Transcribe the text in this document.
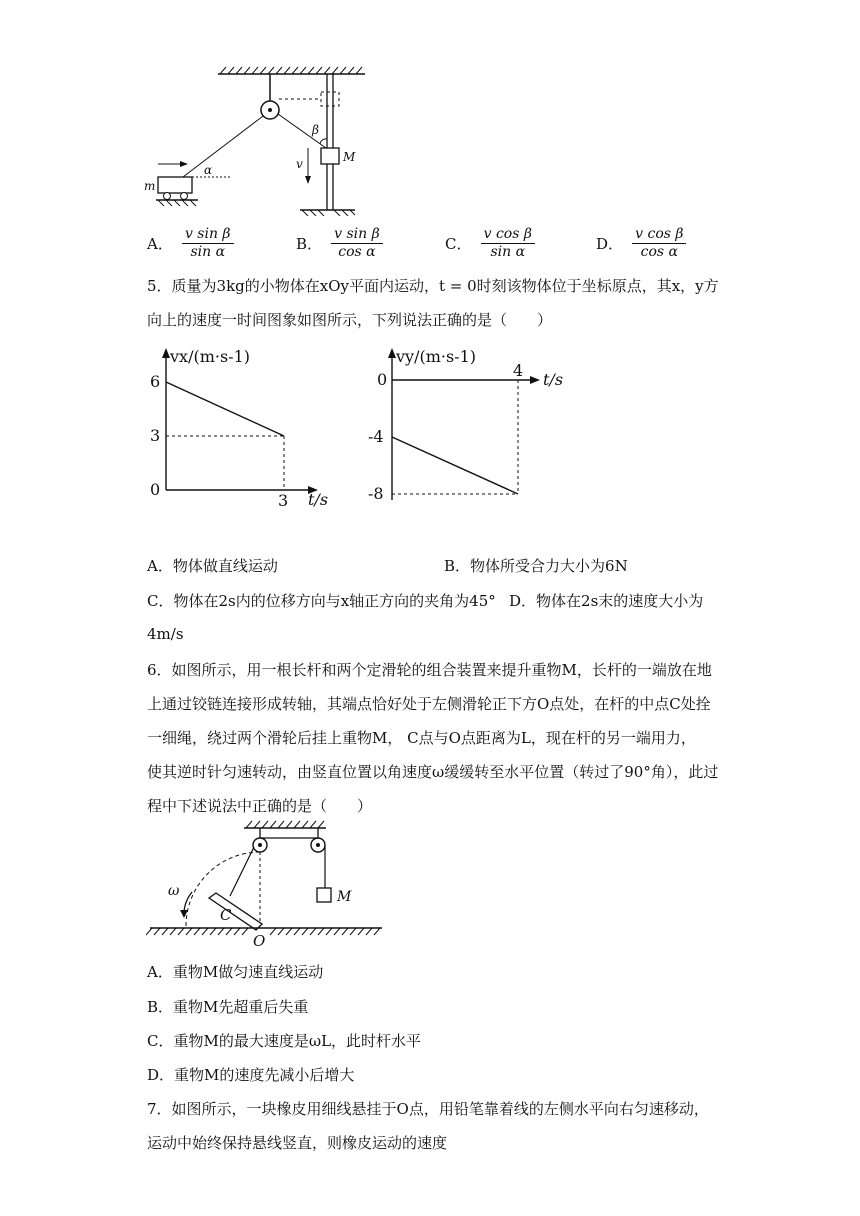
M
β
v
m
α
A． $\frac{\text{v sin β}}{\text{sin α}}$	B． $\frac{\text{v sin β}}{\text{cos α}}$	C． $\frac{\text{v cos β}}{\text{sin α}}$	D． $\frac{\text{v cos β}}{\text{cos α}}$
5．质量为3kg的小物体在xOy平面内运动，t = 0时刻该物体位于坐标原点，其x，y方
向上的速度一时间图象如图所示，下列说法正确的是（　　）
vx/(m·s-1)
t/s
0
3
6
3
vy/(m·s-1)
t/s
0
-4
-8
4
A．物体做直线运动	B．物体所受合力大小为6N
C．物体在2s内的位移方向与x轴正方向的夹角为45° D．物体在2s末的速度大小为
4m/s
6．如图所示，用一根长杆和两个定滑轮的组合装置来提升重物M，长杆的一端放在地
上通过铰链连接形成转轴，其端点恰好处于左侧滑轮正下方O点处，在杆的中点C处拴
一细绳，绕过两个滑轮后挂上重物M， C点与O点距离为L，现在杆的另一端用力，
使其逆时针匀速转动，由竖直位置以角速度ω缓缓转至水平位置（转过了90°角），此过
程中下述说法中正确的是（　　）
M
ω
C
O
A．重物M做匀速直线运动
B．重物M先超重后失重
C．重物M的最大速度是ωL，此时杆水平
D．重物M的速度先减小后增大
7．如图所示，一块橡皮用细线悬挂于O点，用铅笔靠着线的左侧水平向右匀速移动，
运动中始终保持悬线竖直，则橡皮运动的速度
